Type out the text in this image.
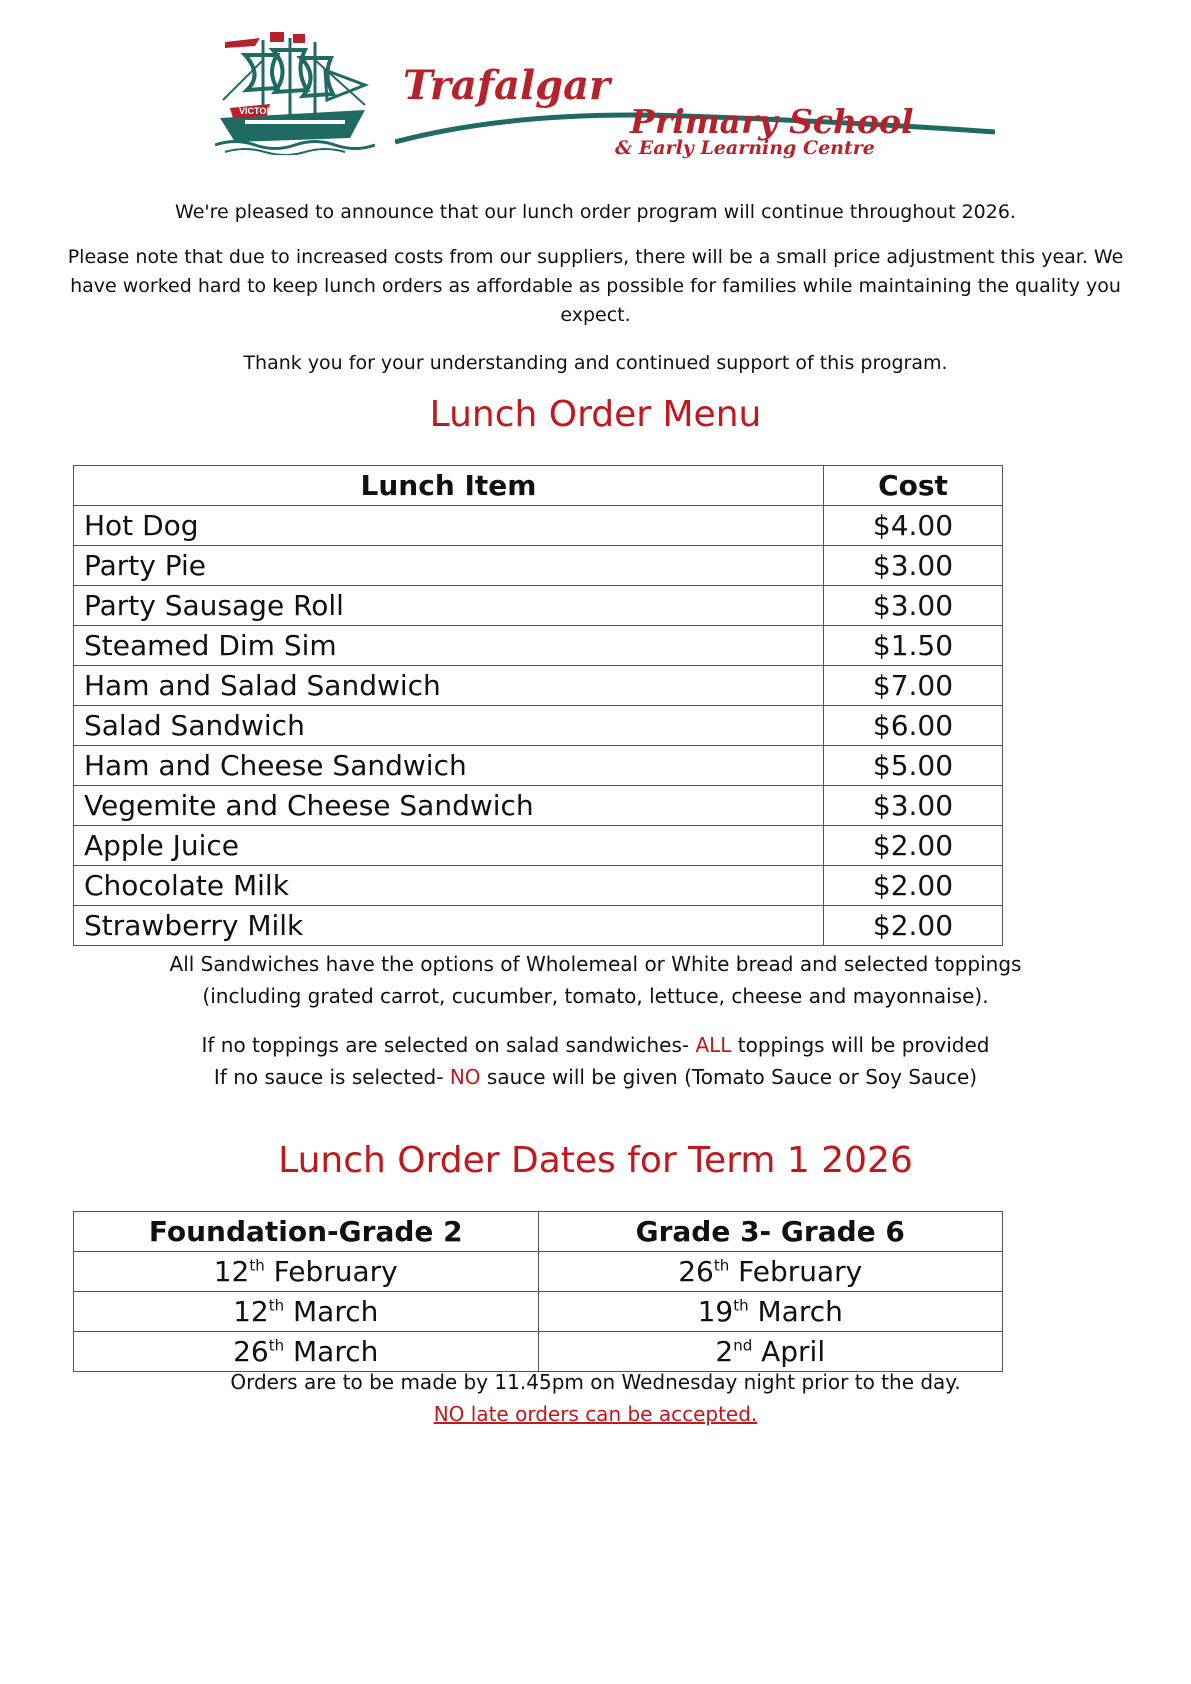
VICTORY
Trafalgar
Primary School
& Early Learning Centre
We're pleased to announce that our lunch order program will continue throughout 2026.
Please note that due to increased costs from our suppliers, there will be a small price adjustment this year. We
have worked hard to keep lunch orders as affordable as possible for families while maintaining the quality you
expect.
Thank you for your understanding and continued support of this program.
Lunch Order Menu
Lunch Item	Cost
Hot Dog	$4.00
Party Pie	$3.00
Party Sausage Roll	$3.00
Steamed Dim Sim	$1.50
Ham and Salad Sandwich	$7.00
Salad Sandwich	$6.00
Ham and Cheese Sandwich	$5.00
Vegemite and Cheese Sandwich	$3.00
Apple Juice	$2.00
Chocolate Milk	$2.00
Strawberry Milk	$2.00
All Sandwiches have the options of Wholemeal or White bread and selected toppings
(including grated carrot, cucumber, tomato, lettuce, cheese and mayonnaise).
If no toppings are selected on salad sandwiches- ALL toppings will be provided
If no sauce is selected- NO sauce will be given (Tomato Sauce or Soy Sauce)
Lunch Order Dates for Term 1 2026
Foundation-Grade 2	Grade 3- Grade 6
12th February	26th February
12th March	19th March
26th March	2nd April
Orders are to be made by 11.45pm on Wednesday night prior to the day.
NO late orders can be accepted.
